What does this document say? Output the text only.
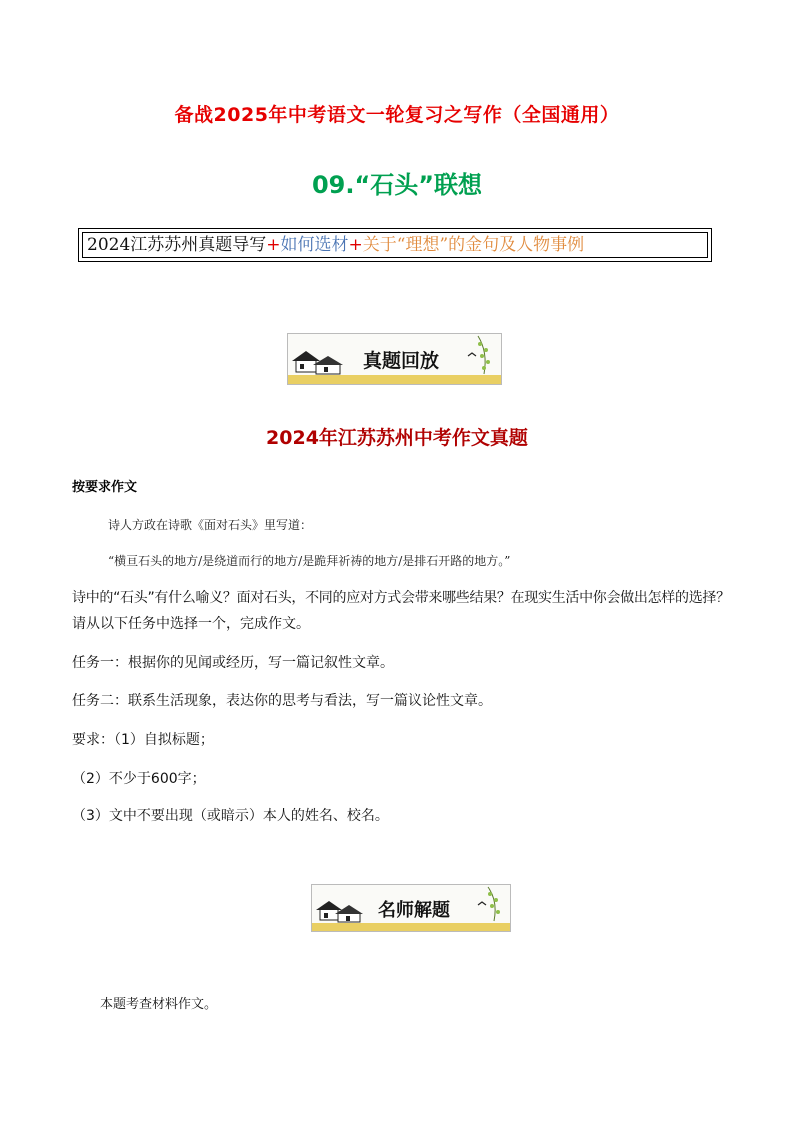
备战2025年中考语文一轮复习之写作（全国通用）
09.“石头”联想
2024江苏苏州真题导写+如何选材+关于“理想”的金句及人物事例
真题回放
2024年江苏苏州中考作文真题
按要求作文
诗人方政在诗歌《面对石头》里写道：
“横亘石头的地方/是绕道而行的地方/是跪拜祈祷的地方/是排石开路的地方。”
诗中的“石头”有什么喻义？面对石头，不同的应对方式会带来哪些结果？在现实生活中你会做出怎样的选择？
请从以下任务中选择一个，完成作文。
任务一：根据你的见闻或经历，写一篇记叙性文章。
任务二：联系生活现象，表达你的思考与看法，写一篇议论性文章。
要求：（1）自拟标题；
（2）不少于600字；
（3）文中不要出现（或暗示）本人的姓名、校名。
名师解题
本题考查材料作文。
